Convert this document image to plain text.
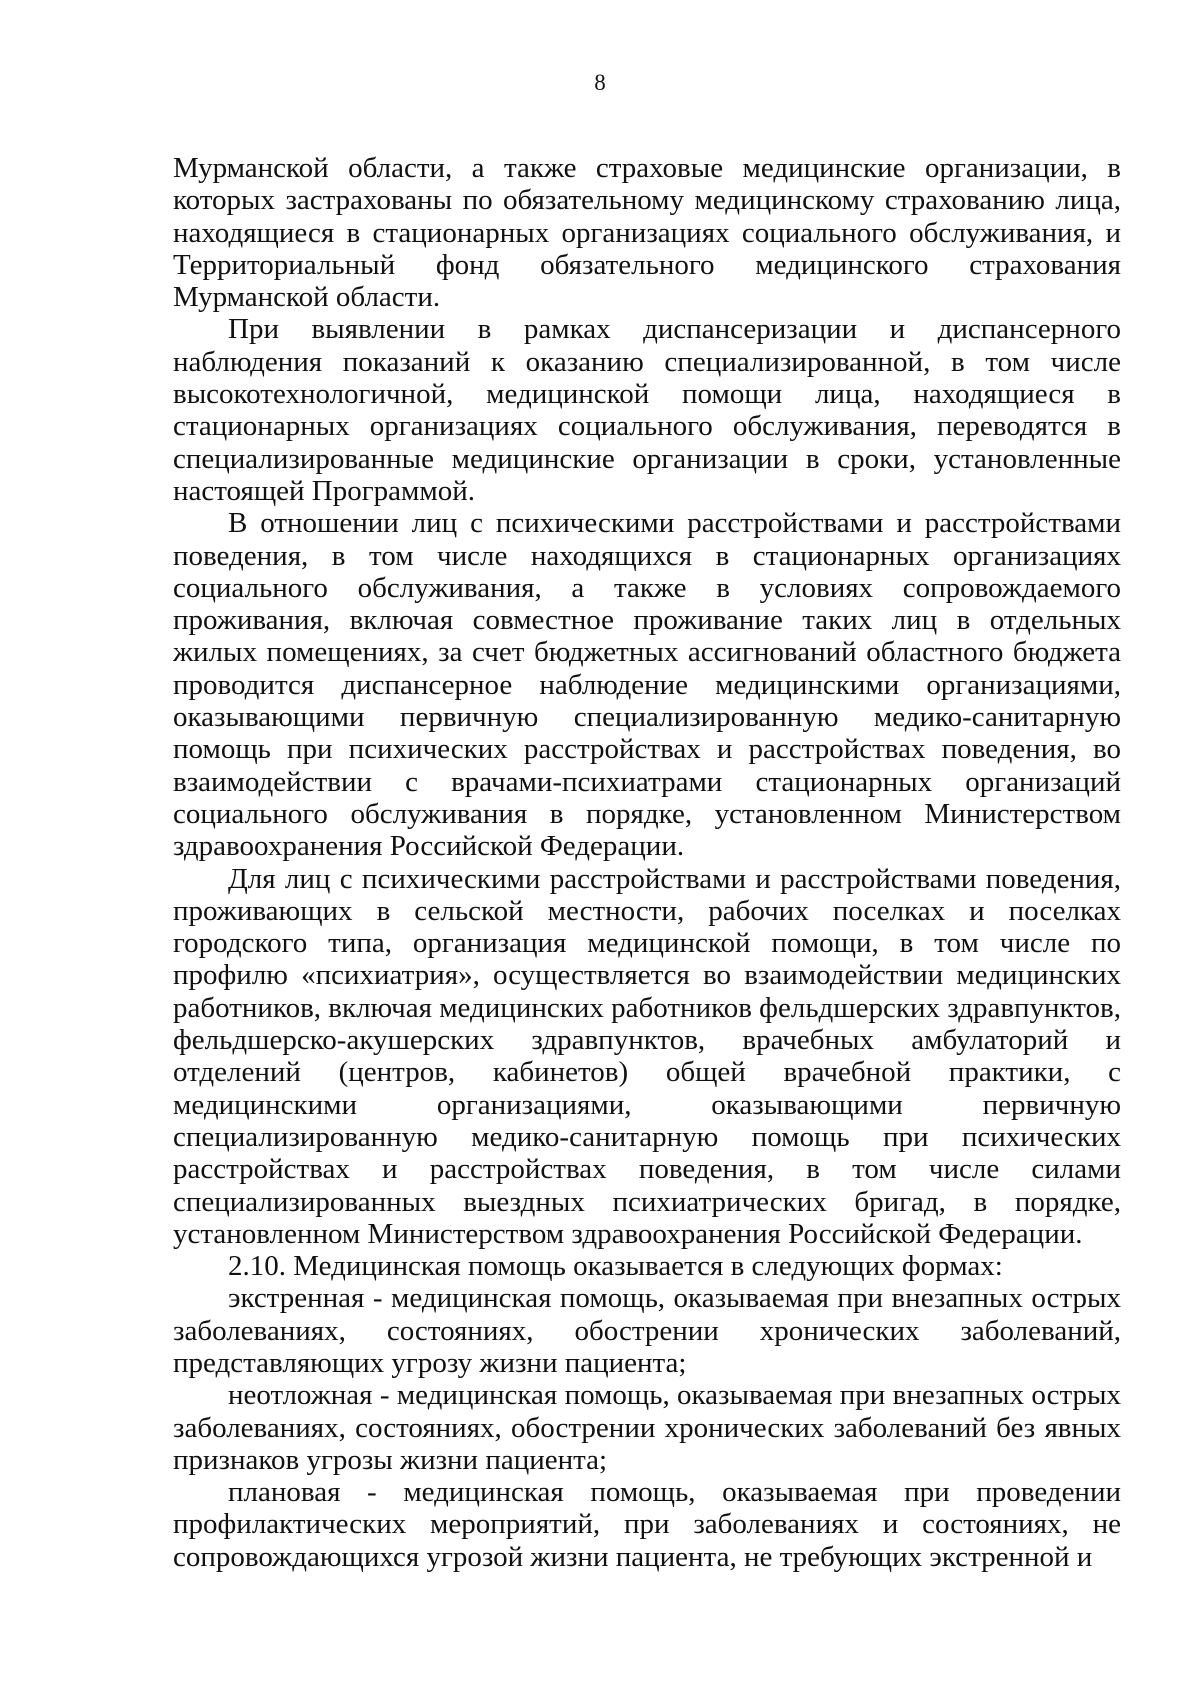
8

Мурманской области, а также страховые медицинские организации, в которых застрахованы по обязательному медицинскому страхованию лица, находящиеся в стационарных организациях социального обслуживания, и Территориальный фонд обязательного медицинского страхования Мурманской области.

При выявлении в рамках диспансеризации и диспансерного наблюдения показаний к оказанию специализированной, в том числе высокотехнологичной, медицинской помощи лица, находящиеся в стационарных организациях социального обслуживания, переводятся в специализированные медицинские организации в сроки, установленные настоящей Программой.

В отношении лиц с психическими расстройствами и расстройствами поведения, в том числе находящихся в стационарных организациях социального обслуживания, а также в условиях сопровождаемого проживания, включая совместное проживание таких лиц в отдельных жилых помещениях, за счет бюджетных ассигнований областного бюджета проводится диспансерное наблюдение медицинскими организациями, оказывающими первичную специализированную медико-санитарную помощь при психических расстройствах и расстройствах поведения, во взаимодействии с врачами-психиатрами стационарных организаций социального обслуживания в порядке, установленном Министерством здравоохранения Российской Федерации.

Для лиц с психическими расстройствами и расстройствами поведения, проживающих в сельской местности, рабочих поселках и поселках городского типа, организация медицинской помощи, в том числе по профилю «психиатрия», осуществляется во взаимодействии медицинских работников, включая медицинских работников фельдшерских здравпунктов, фельдшерско-акушерских здравпунктов, врачебных амбулаторий и отделений (центров, кабинетов) общей врачебной практики, с медицинскими организациями, оказывающими первичную специализированную медико-санитарную помощь при психических расстройствах и расстройствах поведения, в том числе силами специализированных выездных психиатрических бригад, в порядке, установленном Министерством здравоохранения Российской Федерации.

2.10. Медицинская помощь оказывается в следующих формах:

экстренная - медицинская помощь, оказываемая при внезапных острых заболеваниях, состояниях, обострении хронических заболеваний, представляющих угрозу жизни пациента;

неотложная - медицинская помощь, оказываемая при внезапных острых заболеваниях, состояниях, обострении хронических заболеваний без явных признаков угрозы жизни пациента;

плановая - медицинская помощь, оказываемая при проведении профилактических мероприятий, при заболеваниях и состояниях, не сопровождающихся угрозой жизни пациента, не требующих экстренной и
